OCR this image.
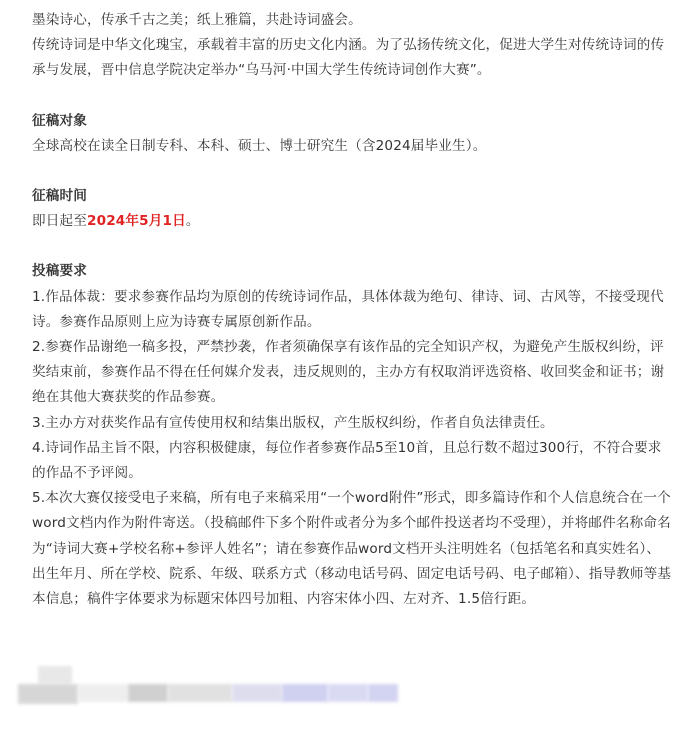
墨染诗心，传承千古之美；纸上雅篇，共赴诗词盛会。

传统诗词是中华文化瑰宝，承载着丰富的历史文化内涵。为了弘扬传统文化，促进大学生对传统诗词的传承与发展，晋中信息学院决定举办“乌马河·中国大学生传统诗词创作大赛”。

征稿对象

全球高校在读全日制专科、本科、硕士、博士研究生（含2024届毕业生）。

征稿时间

即日起至2024年5月1日。

投稿要求

1.作品体裁：要求参赛作品均为原创的传统诗词作品，具体体裁为绝句、律诗、词、古风等，不接受现代诗。参赛作品原则上应为诗赛专属原创新作品。

2.参赛作品谢绝一稿多投，严禁抄袭，作者须确保享有该作品的完全知识产权，为避免产生版权纠纷，评奖结束前，参赛作品不得在任何媒介发表，违反规则的，主办方有权取消评选资格、收回奖金和证书；谢绝在其他大赛获奖的作品参赛。

3.主办方对获奖作品有宣传使用权和结集出版权，产生版权纠纷，作者自负法律责任。

4.诗词作品主旨不限，内容积极健康，每位作者参赛作品5至10首，且总行数不超过300行，不符合要求的作品不予评阅。

5.本次大赛仅接受电子来稿，所有电子来稿采用“一个word附件”形式，即多篇诗作和个人信息统合在一个word文档内作为附件寄送。（投稿邮件下多个附件或者分为多个邮件投送者均不受理），并将邮件名称命名为“诗词大赛+学校名称+参评人姓名”；请在参赛作品word文档开头注明姓名（包括笔名和真实姓名）、出生年月、所在学校、院系、年级、联系方式（移动电话号码、固定电话号码、电子邮箱）、指导教师等基本信息；稿件字体要求为标题宋体四号加粗、内容宋体小四、左对齐、1.5倍行距。
